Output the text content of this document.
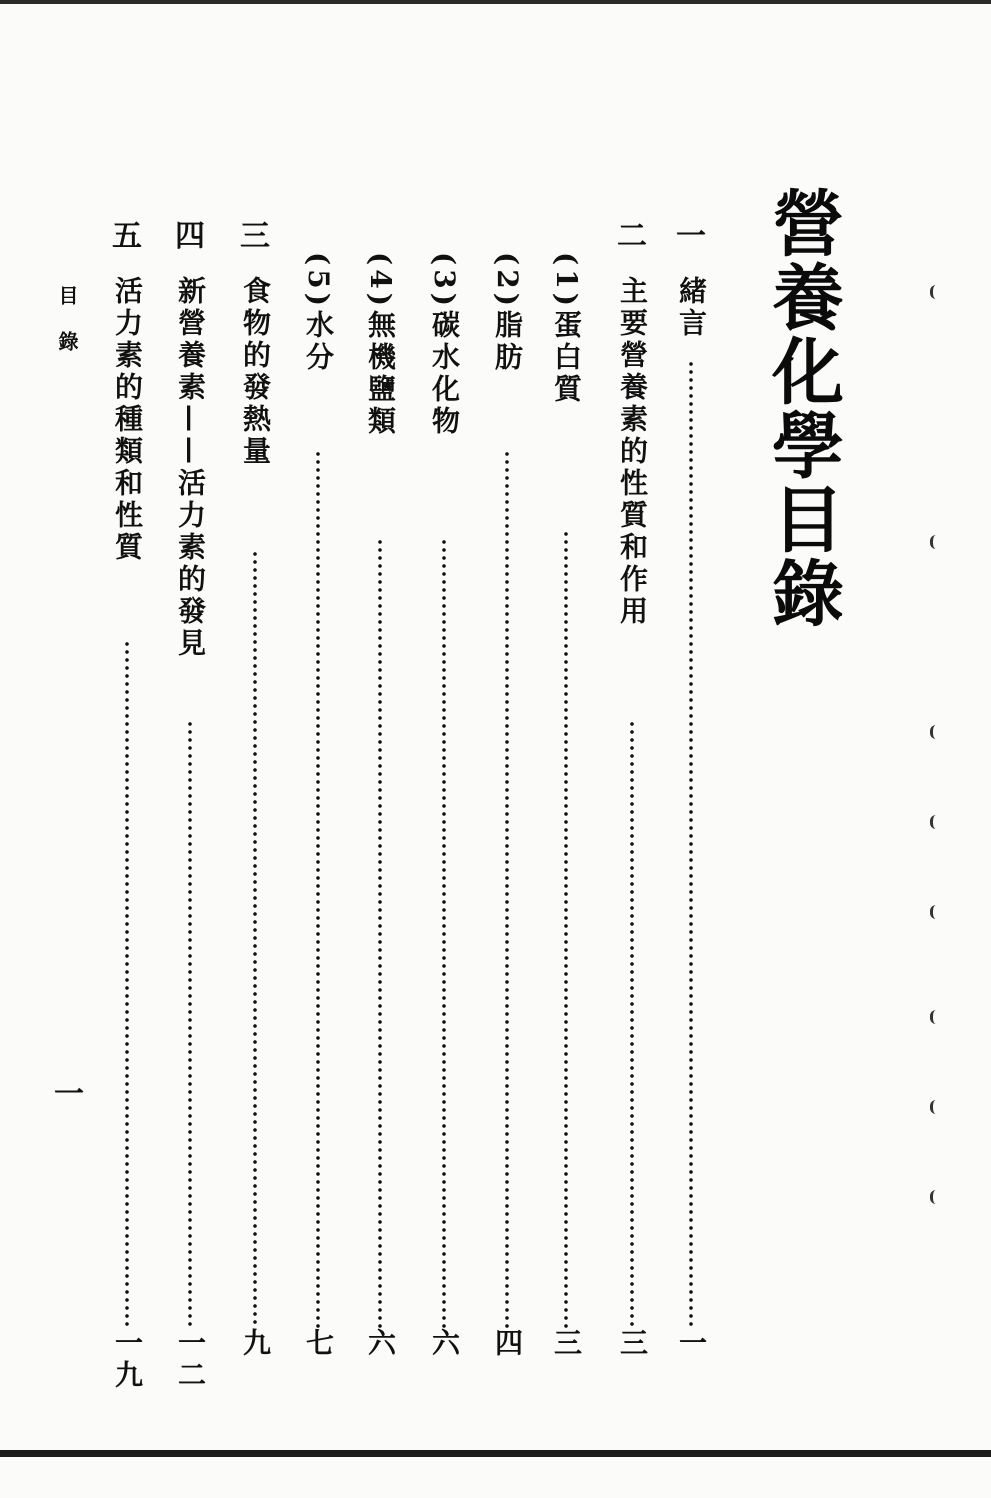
營養化學目錄
一
緒言
一
二
主要營養素的性質和作用
三
(1)蛋白質
三
(2)脂肪
四
(3)碳水化物
六
(4)無機鹽類
六
(5)水分
七
三
食物的發熱量
九
四
新營養素——活力素的發見
一二
五
活力素的種類和性質
一九
目錄
一
